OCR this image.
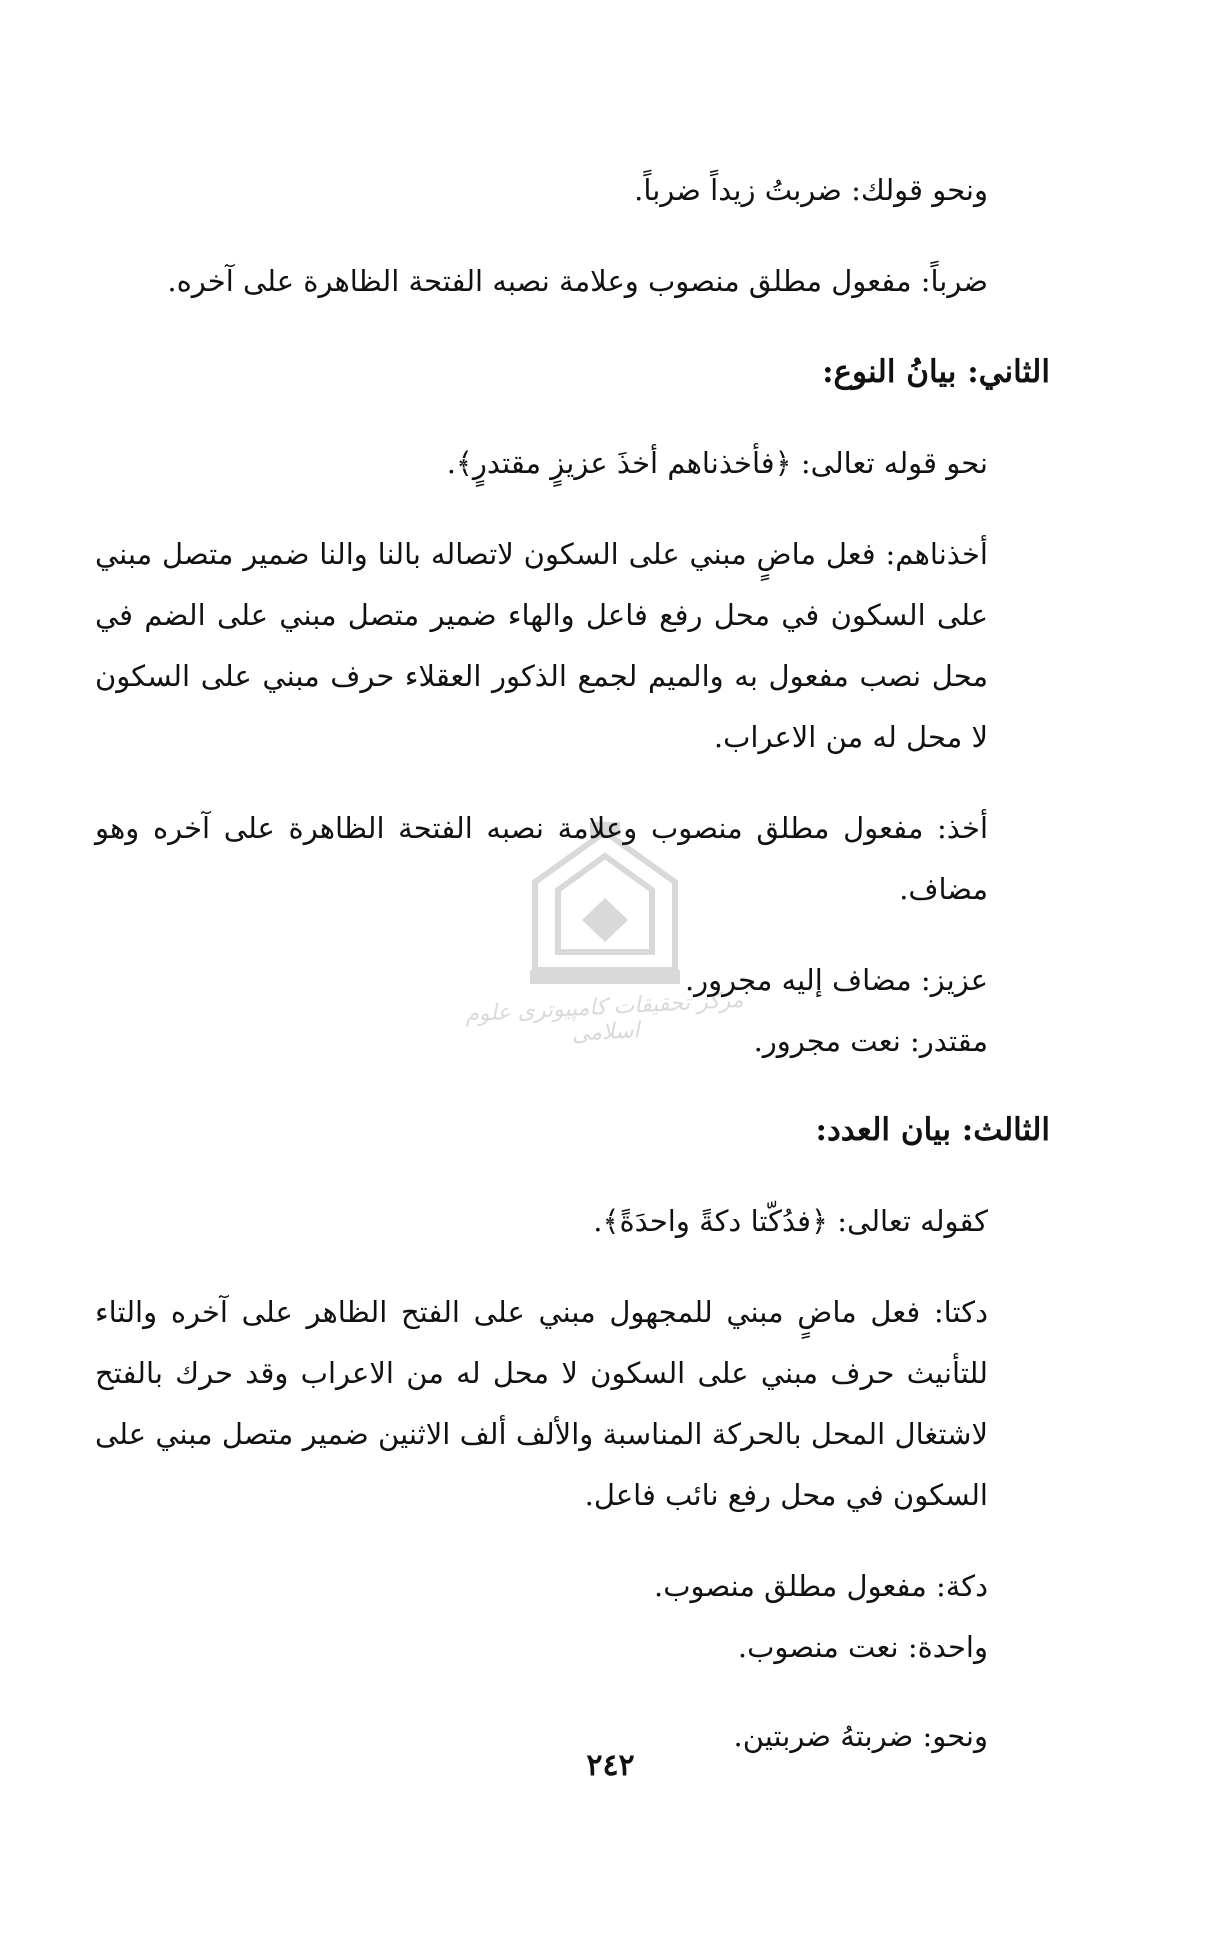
مركز تحقيقات كامپيوترى علوم اسلامى

ونحو قولك: ضربتُ زيداً ضرباً.

ضرباً: مفعول مطلق منصوب وعلامة نصبه الفتحة الظاهرة على آخره.

الثاني: بيانُ النوع:

نحو قوله تعالى: ﴿فأخذناهم أخذَ عزيزٍ مقتدرٍ﴾.

أخذناهم: فعل ماضٍ مبني على السكون لاتصاله بالنا والنا ضمير متصل مبني على السكون في محل رفع فاعل والهاء ضمير متصل مبني على الضم في محل نصب مفعول به والميم لجمع الذكور العقلاء حرف مبني على السكون لا محل له من الاعراب.

أخذ: مفعول مطلق منصوب وعلامة نصبه الفتحة الظاهرة على آخره وهو مضاف.

عزيز: مضاف إليه مجرور.

مقتدر: نعت مجرور.

الثالث: بيان العدد:

كقوله تعالى: ﴿فدُكّتا دكةً واحدَةً﴾.

دكتا: فعل ماضٍ مبني للمجهول مبني على الفتح الظاهر على آخره والتاء للتأنيث حرف مبني على السكون لا محل له من الاعراب وقد حرك بالفتح لاشتغال المحل بالحركة المناسبة والألف ألف الاثنين ضمير متصل مبني على السكون في محل رفع نائب فاعل.

دكة: مفعول مطلق منصوب.

واحدة: نعت منصوب.

ونحو: ضربتهُ ضربتين.

٢٤٢
